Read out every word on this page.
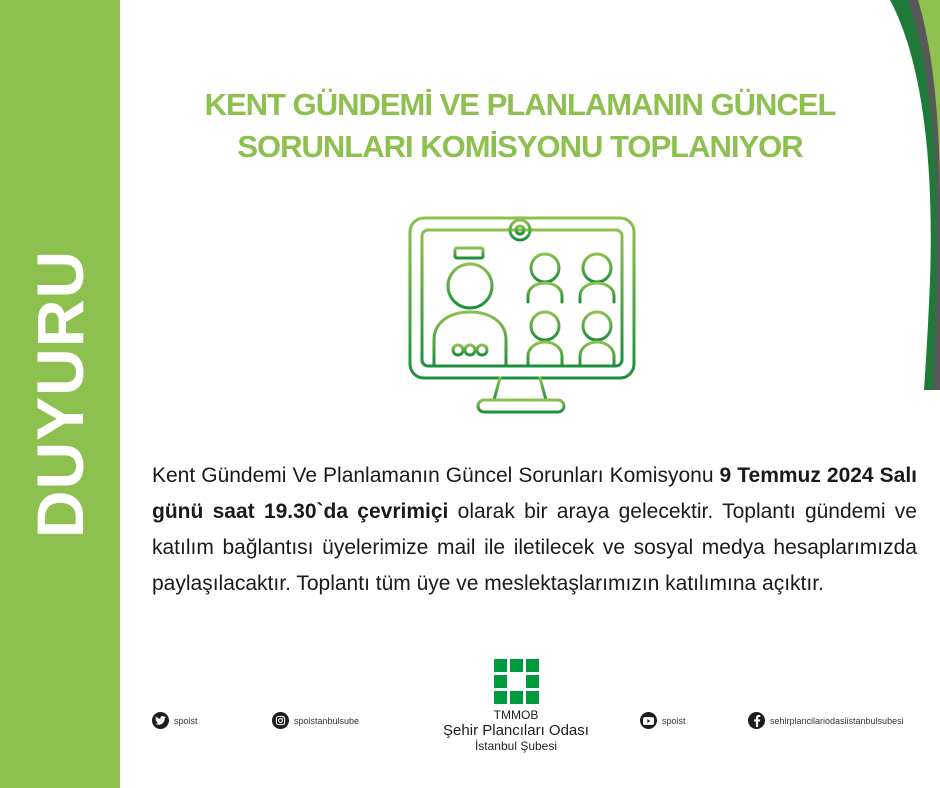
DUYURU
KENT GÜNDEMİ VE PLANLAMANIN GÜNCEL
SORUNLARI KOMİSYONU TOPLANIYOR

Kent Gündemi Ve Planlamanın Güncel Sorunları Komisyonu 9 Temmuz 2024 Salı günü saat 19.30`da çevrimiçi olarak bir araya gelecektir. Toplantı gündemi ve katılım bağlantısı üyelerimize mail ile iletilecek ve sosyal medya hesaplarımızda paylaşılacaktır. Toplantı tüm üye ve meslektaşlarımızın katılımına açıktır.

spoist	spoistanbulsube	spoist	sehirplancilariodasiistanbulsubesi
TMMOB
Şehir Plancıları Odası
İstanbul Şubesi
